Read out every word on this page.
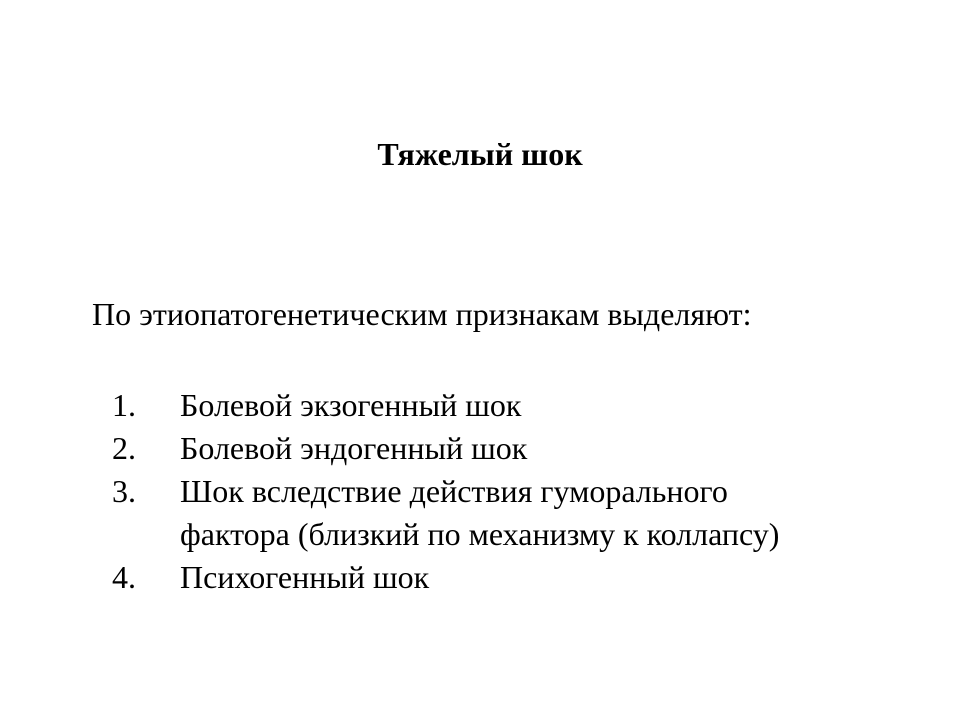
Тяжелый шок
По этиопатогенетическим признакам выделяют:
1.	Болевой экзогенный шок
2.	Болевой эндогенный шок
3.	Шок вследствие действия гуморального
фактора (близкий по механизму к коллапсу)
4.	Психогенный шок
